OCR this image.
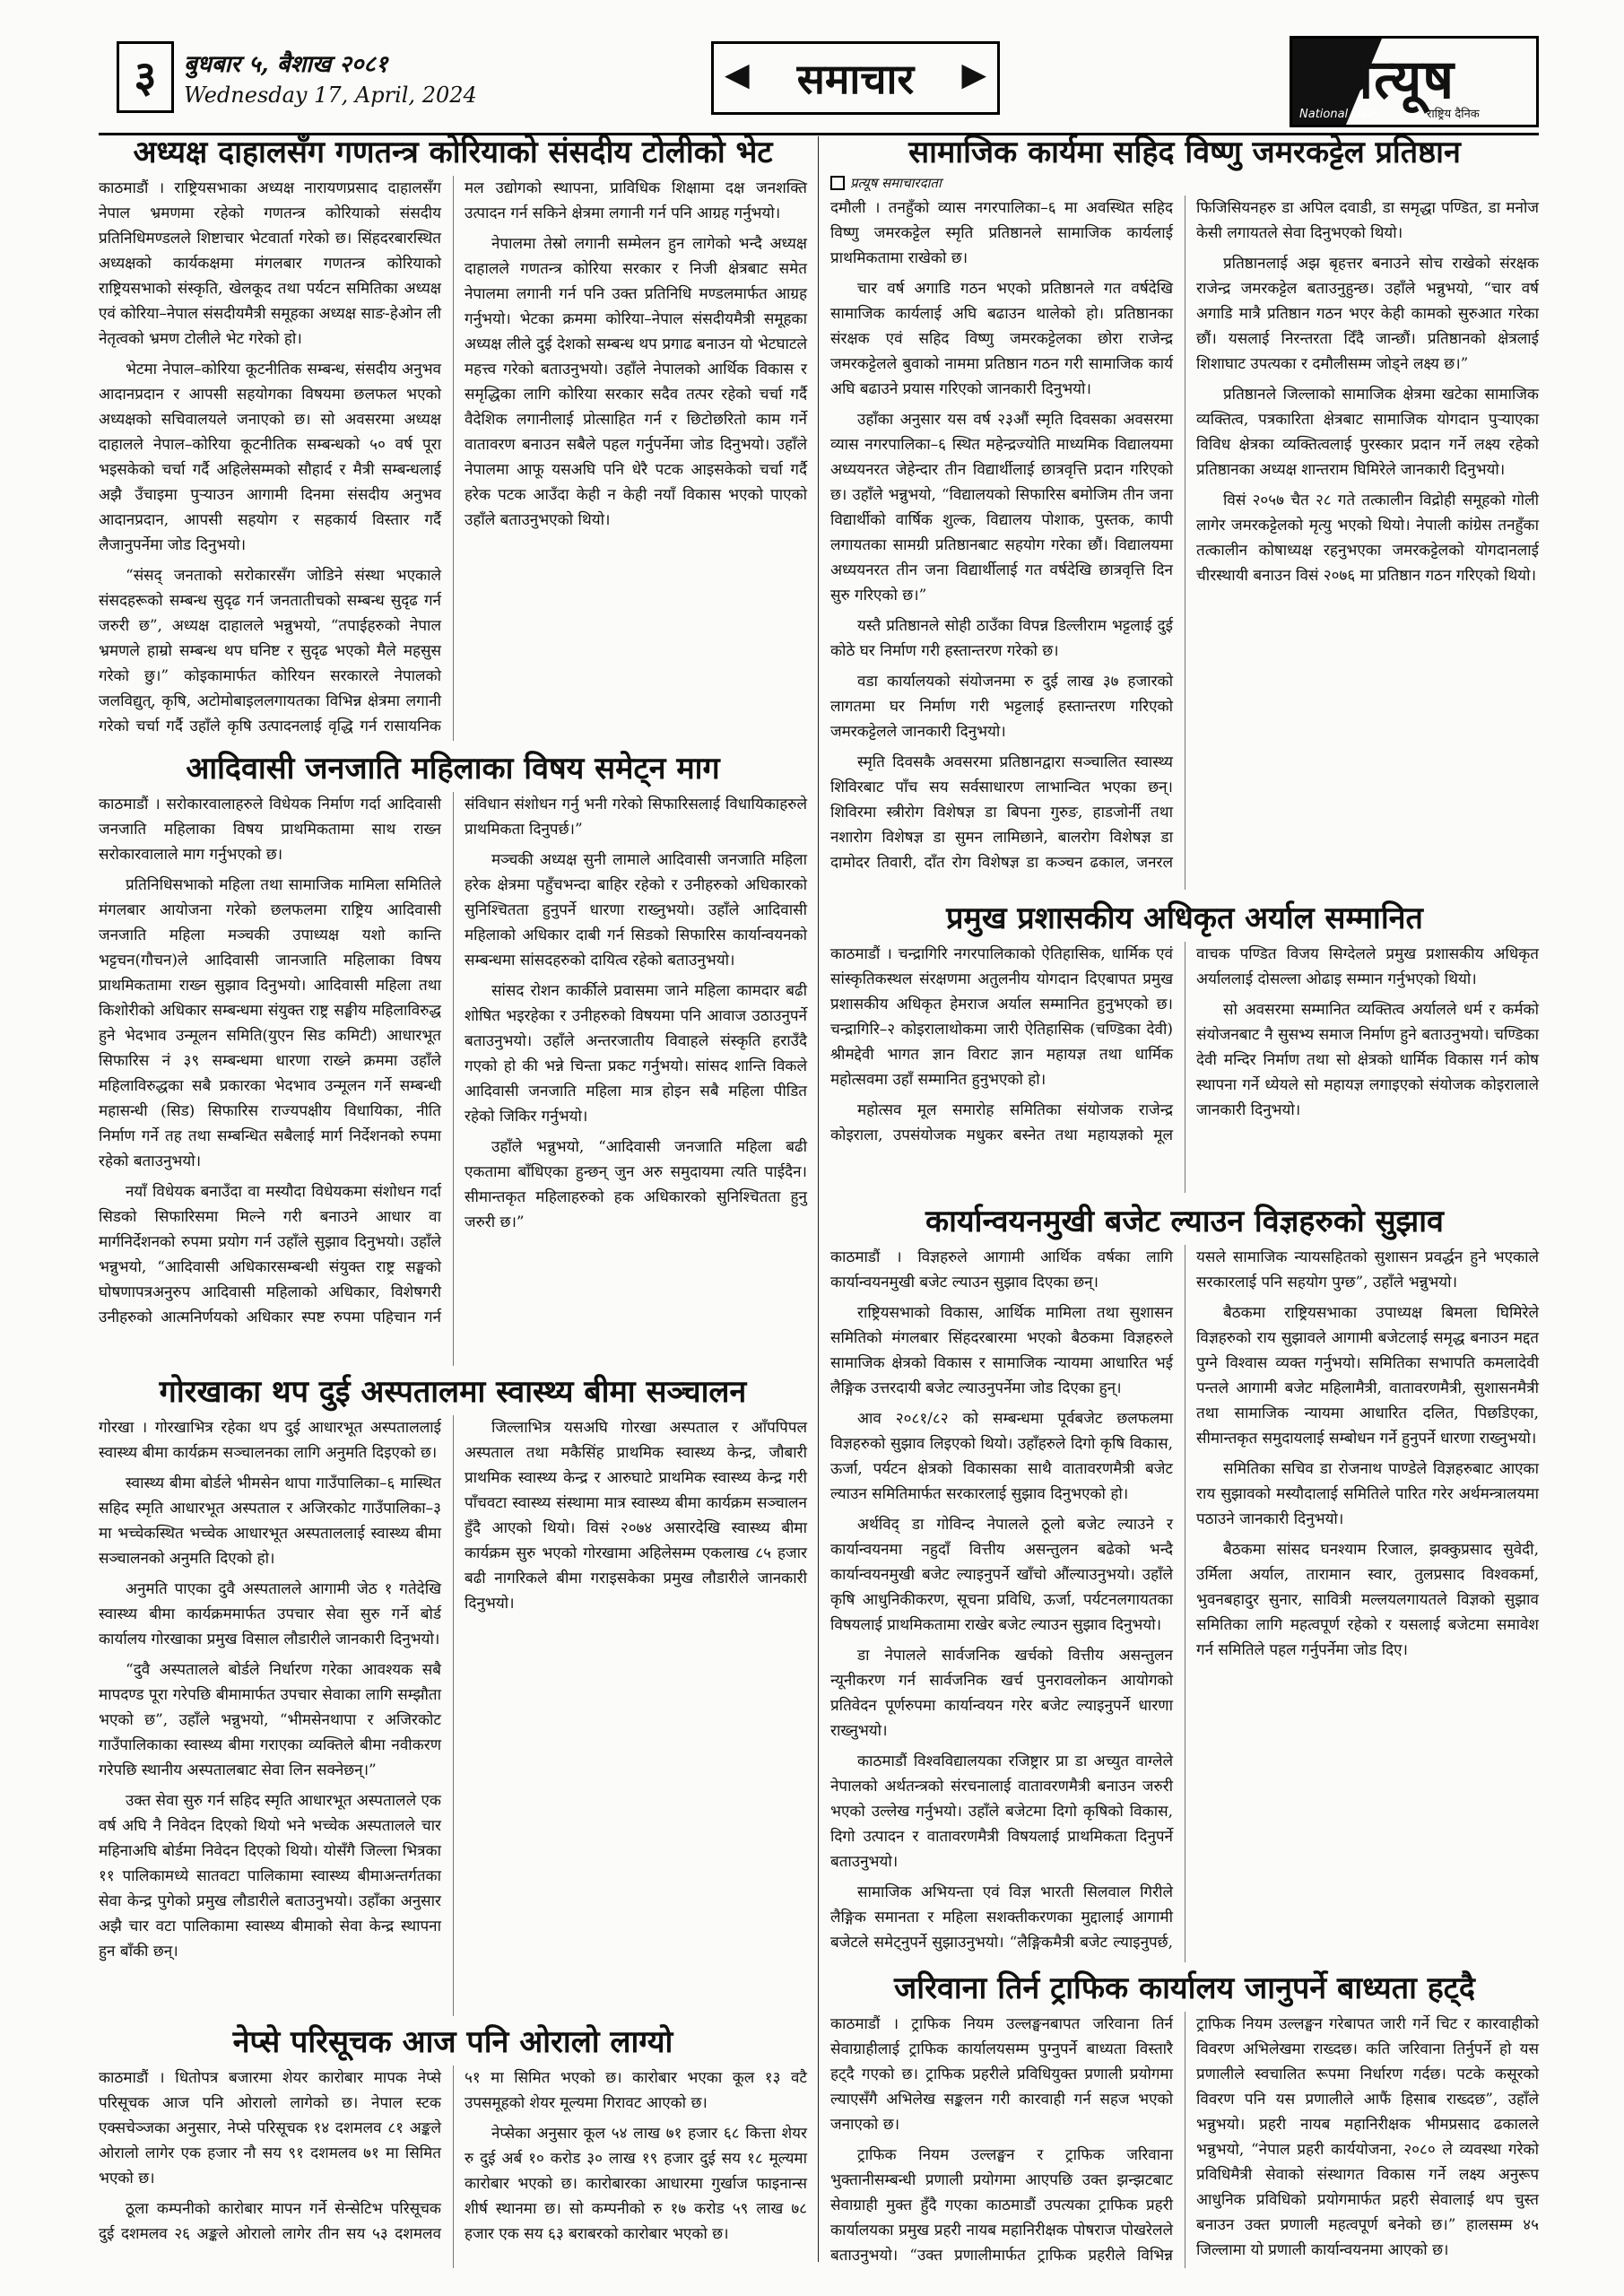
३	बुधबार ५, बैशाख २०८१
Wednesday 17, April, 2024
◀ समाचार ▶	प्रत्यूष
National Daily	राष्ट्रिय दैनिक
अध्यक्ष दाहालसँग गणतन्त्र कोरियाको संसदीय टोलीको भेट

काठमाडौं । राष्ट्रियसभाका अध्यक्ष नारायणप्रसाद दाहालसँग नेपाल भ्रमणमा रहेको गणतन्त्र कोरियाको संसदीय प्रतिनिधिमण्डलले शिष्टाचार भेटवार्ता गरेको छ। सिंहदरबारस्थित अध्यक्षको कार्यकक्षमा मंगलबार गणतन्त्र कोरियाको राष्ट्रियसभाको संस्कृति, खेलकूद तथा पर्यटन समितिका अध्यक्ष एवं कोरिया–नेपाल संसदीयमैत्री समूहका अध्यक्ष साङ-हेओन ली नेतृत्वको भ्रमण टोलीले भेट गरेको हो।

भेटमा नेपाल–कोरिया कूटनीतिक सम्बन्ध, संसदीय अनुभव आदानप्रदान र आपसी सहयोगका विषयमा छलफल भएको अध्यक्षको सचिवालयले जनाएको छ। सो अवसरमा अध्यक्ष दाहालले नेपाल–कोरिया कूटनीतिक सम्बन्धको ५० वर्ष पूरा भइसकेको चर्चा गर्दै अहिलेसम्मको सौहार्द र मैत्री सम्बन्धलाई अझै उँचाइमा पुऱ्याउन आगामी दिनमा संसदीय अनुभव आदानप्रदान, आपसी सहयोग र सहकार्य विस्तार गर्दै लैजानुपर्नेमा जोड दिनुभयो।

“संसद् जनताको सरोकारसँग जोडिने संस्था भएकाले संसदहरूको सम्बन्ध सुदृढ गर्न जनतातीचको सम्बन्ध सुदृढ गर्न जरुरी छ”, अध्यक्ष दाहालले भन्नुभयो, “तपाईहरुको नेपाल भ्रमणले हाम्रो सम्बन्ध थप घनिष्ट र सुदृढ भएको मैले महसुस गरेको छु।” कोइकामार्फत कोरियन सरकारले नेपालको जलविद्युत्, कृषि, अटोमोबाइललगायतका विभिन्न क्षेत्रमा लगानी गरेको चर्चा गर्दै उहाँले कृषि उत्पादनलाई वृद्धि गर्न रासायनिक मल उद्योगको स्थापना, प्राविधिक शिक्षामा दक्ष जनशक्ति उत्पादन गर्न सकिने क्षेत्रमा लगानी गर्न पनि आग्रह गर्नुभयो।

नेपालमा तेस्रो लगानी सम्मेलन हुन लागेको भन्दै अध्यक्ष दाहालले गणतन्त्र कोरिया सरकार र निजी क्षेत्रबाट समेत नेपालमा लगानी गर्न पनि उक्त प्रतिनिधि मण्डलमार्फत आग्रह गर्नुभयो। भेटका क्रममा कोरिया–नेपाल संसदीयमैत्री समूहका अध्यक्ष लीले दुई देशको सम्बन्ध थप प्रगाढ बनाउन यो भेटघाटले महत्त्व गरेको बताउनुभयो। उहाँले नेपालको आर्थिक विकास र समृद्धिका लागि कोरिया सरकार सदैव तत्पर रहेको चर्चा गर्दै वैदेशिक लगानीलाई प्रोत्साहित गर्न र छिटोछरितो काम गर्ने वातावरण बनाउन सबैले पहल गर्नुपर्नेमा जोड दिनुभयो। उहाँले नेपालमा आफू यसअघि पनि धेरै पटक आइसकेको चर्चा गर्दै हरेक पटक आउँदा केही न केही नयाँ विकास भएको पाएको उहाँले बताउनुभएको थियो।

आदिवासी जनजाति महिलाका विषय समेट्न माग

काठमाडौं । सरोकारवालाहरुले विधेयक निर्माण गर्दा आदिवासी जनजाति महिलाका विषय प्राथमिकतामा साथ राख्न सरोकारवालाले माग गर्नुभएको छ।

प्रतिनिधिसभाको महिला तथा सामाजिक मामिला समितिले मंगलबार आयोजना गरेको छलफलमा राष्ट्रिय आदिवासी जनजाति महिला मञ्चकी उपाध्यक्ष यशो कान्ति भट्टचन(गौचन)ले आदिवासी जानजाति महिलाका विषय प्राथमिकतामा राख्न सुझाव दिनुभयो। आदिवासी महिला तथा किशोरीको अधिकार सम्बन्धमा संयुक्त राष्ट्र सङ्घीय महिलाविरुद्ध हुने भेदभाव उन्मूलन समिति(युएन सिड कमिटी) आधारभूत सिफारिस नं ३९ सम्बन्धमा धारणा राख्ने क्रममा उहाँले महिलाविरुद्धका सबै प्रकारका भेदभाव उन्मूलन गर्ने सम्बन्धी महासन्धी (सिड) सिफारिस राज्यपक्षीय विधायिका, नीति निर्माण गर्ने तह तथा सम्बन्धित सबैलाई मार्ग निर्देशनको रुपमा रहेको बताउनुभयो।

नयाँ विधेयक बनाउँदा वा मस्यौदा विधेयकमा संशोधन गर्दा सिडको सिफारिसमा मिल्ने गरी बनाउने आधार वा मार्गनिर्देशनको रुपमा प्रयोग गर्न उहाँले सुझाव दिनुभयो। उहाँले भन्नुभयो, “आदिवासी अधिकारसम्बन्धी संयुक्त राष्ट्र सङ्घको घोषणापत्रअनुरुप आदिवासी महिलाको अधिकार, विशेषगरी उनीहरुको आत्मनिर्णयको अधिकार स्पष्ट रुपमा पहिचान गर्न संविधान संशोधन गर्नु भनी गरेको सिफारिसलाई विधायिकाहरुले प्राथमिकता दिनुपर्छ।”

मञ्चकी अध्यक्ष सुनी लामाले आदिवासी जनजाति महिला हरेक क्षेत्रमा पहुँचभन्दा बाहिर रहेको र उनीहरुको अधिकारको सुनिश्चितता हुनुपर्ने धारणा राख्नुभयो। उहाँले आदिवासी महिलाको अधिकार दाबी गर्न सिडको सिफारिस कार्यान्वयनको सम्बन्धमा सांसदहरुको दायित्व रहेको बताउनुभयो।

सांसद रोशन कार्कीले प्रवासमा जाने महिला कामदार बढी शोषित भइरहेका र उनीहरुको विषयमा पनि आवाज उठाउनुपर्ने बताउनुभयो। उहाँले अन्तरजातीय विवाहले संस्कृति हराउँदै गएको हो की भन्ने चिन्ता प्रकट गर्नुभयो। सांसद शान्ति विकले आदिवासी जनजाति महिला मात्र होइन सबै महिला पीडित रहेको जिकिर गर्नुभयो।

उहाँले भन्नुभयो, “आदिवासी जनजाति महिला बढी एकतामा बाँधिएका हुन्छन् जुन अरु समुदायमा त्यति पाईदैन। सीमान्तकृत महिलाहरुको हक अधिकारको सुनिश्चितता हुनु जरुरी छ।”

गोरखाका थप दुई अस्पतालमा स्वास्थ्य बीमा सञ्चालन

गोरखा । गोरखाभित्र रहेका थप दुई आधारभूत अस्पताललाई स्वास्थ्य बीमा कार्यक्रम सञ्चालनका लागि अनुमति दिइएको छ।

स्वास्थ्य बीमा बोर्डले भीमसेन थापा गाउँपालिका–६ मास्थित सहिद स्मृति आधारभूत अस्पताल र अजिरकोट गाउँपालिका–३ मा भच्चेकस्थित भच्चेक आधारभूत अस्पताललाई स्वास्थ्य बीमा सञ्चालनको अनुमति दिएको हो।

अनुमति पाएका दुवै अस्पतालले आगामी जेठ १ गतेदेखि स्वास्थ्य बीमा कार्यक्रममार्फत उपचार सेवा सुरु गर्ने बोर्ड कार्यालय गोरखाका प्रमुख विसाल लौडारीले जानकारी दिनुभयो।

“दुवै अस्पतालले बोर्डले निर्धारण गरेका आवश्यक सबै मापदण्ड पूरा गरेपछि बीमामार्फत उपचार सेवाका लागि सम्झौता भएको छ”, उहाँले भन्नुभयो, “भीमसेनथापा र अजिरकोट गाउँपालिकाका स्वास्थ्य बीमा गराएका व्यक्तिले बीमा नवीकरण गरेपछि स्थानीय अस्पतालबाट सेवा लिन सक्नेछन्।”

उक्त सेवा सुरु गर्न सहिद स्मृति आधारभूत अस्पतालले एक वर्ष अघि नै निवेदन दिएको थियो भने भच्चेक अस्पतालले चार महिनाअघि बोर्डमा निवेदन दिएको थियो। योसँगै जिल्ला भित्रका ११ पालिकामध्ये सातवटा पालिकामा स्वास्थ्य बीमाअन्तर्गतका सेवा केन्द्र पुगेको प्रमुख लौडारीले बताउनुभयो। उहाँका अनुसार अझै चार वटा पालिकामा स्वास्थ्य बीमाको सेवा केन्द्र स्थापना हुन बाँकी छन्।

जिल्लाभित्र यसअघि गोरखा अस्पताल र आँपपिपल अस्पताल तथा मकैसिंह प्राथमिक स्वास्थ्य केन्द्र, जौबारी प्राथमिक स्वास्थ्य केन्द्र र आरुघाटे प्राथमिक स्वास्थ्य केन्द्र गरी पाँचवटा स्वास्थ्य संस्थामा मात्र स्वास्थ्य बीमा कार्यक्रम सञ्चालन हुँदै आएको थियो। विसं २०७४ असारदेखि स्वास्थ्य बीमा कार्यक्रम सुरु भएको गोरखामा अहिलेसम्म एकलाख ८५ हजार बढी नागरिकले बीमा गराइसकेका प्रमुख लौडारीले जानकारी दिनुभयो।

नेप्से परिसूचक आज पनि ओरालो लाग्यो

काठमाडौं । धितोपत्र बजारमा शेयर कारोबार मापक नेप्से परिसूचक आज पनि ओरालो लागेको छ। नेपाल स्टक एक्सचेञ्जका अनुसार, नेप्से परिसूचक १४ दशमलव ८१ अङ्कले ओरालो लागेर एक हजार नौ सय ९१ दशमलव ७१ मा सिमित भएको छ।

ठूला कम्पनीको कारोबार मापन गर्ने सेन्सेटिभ परिसूचक दुई दशमलव २६ अङ्कले ओरालो लागेर तीन सय ५३ दशमलव ५१ मा सिमित भएको छ। कारोबार भएका कूल १३ वटै उपसमूहको शेयर मूल्यमा गिरावट आएको छ।

नेप्सेका अनुसार कूल ५४ लाख ७१ हजार ६८ कित्ता शेयर रु दुई अर्ब १० करोड ३० लाख १९ हजार दुई सय १८ मूल्यमा कारोबार भएको छ। कारोबारका आधारमा गुर्खाज फाइनान्स शीर्ष स्थानमा छ। सो कम्पनीको रु १७ करोड ५९ लाख ७८ हजार एक सय ६३ बराबरको कारोबार भएको छ।

सामाजिक कार्यमा सहिद विष्णु जमरकट्टेल प्रतिष्ठान
प्रत्यूष समाचारदाता

दमौली । तनहुँको व्यास नगरपालिका–६ मा अवस्थित सहिद विष्णु जमरकट्टेल स्मृति प्रतिष्ठानले सामाजिक कार्यलाई प्राथमिकतामा राखेको छ।

चार वर्ष अगाडि गठन भएको प्रतिष्ठानले गत वर्षदेखि सामाजिक कार्यलाई अघि बढाउन थालेको हो। प्रतिष्ठानका संरक्षक एवं सहिद विष्णु जमरकट्टेलका छोरा राजेन्द्र जमरकट्टेलले बुवाको नाममा प्रतिष्ठान गठन गरी सामाजिक कार्य अघि बढाउने प्रयास गरिएको जानकारी दिनुभयो।

उहाँका अनुसार यस वर्ष २३औं स्मृति दिवसका अवसरमा व्यास नगरपालिका–६ स्थित महेन्द्रज्योति माध्यमिक विद्यालयमा अध्ययनरत जेहेन्दार तीन विद्यार्थीलाई छात्रवृत्ति प्रदान गरिएको छ। उहाँले भन्नुभयो, “विद्यालयको सिफारिस बमोजिम तीन जना विद्यार्थीको वार्षिक शुल्क, विद्यालय पोशाक, पुस्तक, कापी लगायतका सामग्री प्रतिष्ठानबाट सहयोग गरेका छौं। विद्यालयमा अध्ययनरत तीन जना विद्यार्थीलाई गत वर्षदेखि छात्रवृत्ति दिन सुरु गरिएको छ।”

यस्तै प्रतिष्ठानले सोही ठाउँका विपन्न डिल्लीराम भट्टलाई दुई कोठे घर निर्माण गरी हस्तान्तरण गरेको छ।

वडा कार्यालयको संयोजनमा रु दुई लाख ३७ हजारको लागतमा घर निर्माण गरी भट्टलाई हस्तान्तरण गरिएको जमरकट्टेलले जानकारी दिनुभयो।

स्मृति दिवसकै अवसरमा प्रतिष्ठानद्वारा सञ्चालित स्वास्थ्य शिविरबाट पाँच सय सर्वसाधारण लाभान्वित भएका छन्। शिविरमा स्त्रीरोग विशेषज्ञ डा बिपना गुरुङ, हाडजोर्नी तथा नशारोग विशेषज्ञ डा सुमन लामिछाने, बालरोग विशेषज्ञ डा दामोदर तिवारी, दाँत रोग विशेषज्ञ डा कञ्चन ढकाल, जनरल फिजिसियनहरु डा अपिल दवाडी, डा समृद्धा पण्डित, डा मनोज केसी लगायतले सेवा दिनुभएको थियो।

प्रतिष्ठानलाई अझ बृहत्तर बनाउने सोच राखेको संरक्षक राजेन्द्र जमरकट्टेल बताउनुहुन्छ। उहाँले भन्नुभयो, “चार वर्ष अगाडि मात्रै प्रतिष्ठान गठन भएर केही कामको सुरुआत गरेका छौं। यसलाई निरन्तरता दिँदै जान्छौं। प्रतिष्ठानको क्षेत्रलाई शिशाघाट उपत्यका र दमौलीसम्म जोड्ने लक्ष्य छ।”

प्रतिष्ठानले जिल्लाको सामाजिक क्षेत्रमा खटेका सामाजिक व्यक्तित्व, पत्रकारिता क्षेत्रबाट सामाजिक योगदान पुऱ्याएका विविध क्षेत्रका व्यक्तित्वलाई पुरस्कार प्रदान गर्ने लक्ष्य रहेको प्रतिष्ठानका अध्यक्ष शान्तराम घिमिरेले जानकारी दिनुभयो।

विसं २०५७ चैत २८ गते तत्कालीन विद्रोही समूहको गोली लागेर जमरकट्टेलको मृत्यु भएको थियो। नेपाली कांग्रेस तनहुँका तत्कालीन कोषाध्यक्ष रहनुभएका जमरकट्टेलको योगदानलाई चीरस्थायी बनाउन विसं २०७६ मा प्रतिष्ठान गठन गरिएको थियो।

प्रमुख प्रशासकीय अधिकृत अर्याल सम्मानित

काठमाडौं । चन्द्रागिरि नगरपालिकाको ऐतिहासिक, धार्मिक एवं सांस्कृतिकस्थल संरक्षणमा अतुलनीय योगदान दिएबापत प्रमुख प्रशासकीय अधिकृत हेमराज अर्याल सम्मानित हुनुभएको छ। चन्द्रागिरि–२ कोइरालाथोकमा जारी ऐतिहासिक (चण्डिका देवी) श्रीमद्देवी भागत ज्ञान विराट ज्ञान महायज्ञ तथा धार्मिक महोत्सवमा उहाँ सम्मानित हुनुभएको हो।

महोत्सव मूल समारोह समितिका संयोजक राजेन्द्र कोइराला, उपसंयोजक मधुकर बस्नेत तथा महायज्ञको मूल वाचक पण्डित विजय सिग्देलले प्रमुख प्रशासकीय अधिकृत अर्याललाई दोसल्ला ओढाइ सम्मान गर्नुभएको थियो।

सो अवसरमा सम्मानित व्यक्तित्व अर्यालले धर्म र कर्मको संयोजनबाट नै सुसभ्य समाज निर्माण हुने बताउनुभयो। चण्डिका देवी मन्दिर निर्माण तथा सो क्षेत्रको धार्मिक विकास गर्न कोष स्थापना गर्ने ध्येयले सो महायज्ञ लगाइएको संयोजक कोइरालाले जानकारी दिनुभयो।

कार्यान्वयनमुखी बजेट ल्याउन विज्ञहरुको सुझाव

काठमाडौं । विज्ञहरुले आगामी आर्थिक वर्षका लागि कार्यान्वयनमुखी बजेट ल्याउन सुझाव दिएका छन्।

राष्ट्रियसभाको विकास, आर्थिक मामिला तथा सुशासन समितिको मंगलबार सिंहदरबारमा भएको बैठकमा विज्ञहरुले सामाजिक क्षेत्रको विकास र सामाजिक न्यायमा आधारित भई लैङ्गिक उत्तरदायी बजेट ल्याउनुपर्नेमा जोड दिएका हुन्।

आव २०८१/८२ को सम्बन्धमा पूर्वबजेट छलफलमा विज्ञहरुको सुझाव लिइएको थियो। उहाँहरुले दिगो कृषि विकास, ऊर्जा, पर्यटन क्षेत्रको विकासका साथै वातावरणमैत्री बजेट ल्याउन समितिमार्फत सरकारलाई सुझाव दिनुभएको हो।

अर्थविद् डा गोविन्द नेपालले ठूलो बजेट ल्याउने र कार्यान्वयनमा नहुदाँ वित्तीय असन्तुलन बढेको भन्दै कार्यान्वयनमुखी बजेट ल्याइनुपर्ने खाँचो औंल्याउनुभयो। उहाँले कृषि आधुनिकीकरण, सूचना प्रविधि, ऊर्जा, पर्यटनलगायतका विषयलाई प्राथमिकतामा राखेर बजेट ल्याउन सुझाव दिनुभयो।

डा नेपालले सार्वजनिक खर्चको वित्तीय असन्तुलन न्यूनीकरण गर्न सार्वजनिक खर्च पुनरावलोकन आयोगको प्रतिवेदन पूर्णरुपमा कार्यान्वयन गरेर बजेट ल्याइनुपर्ने धारणा राख्नुभयो।

काठमाडौं विश्वविद्यालयका रजिष्ट्रार प्रा डा अच्युत वाग्लेले नेपालको अर्थतन्त्रको संरचनालाई वातावरणमैत्री बनाउन जरुरी भएको उल्लेख गर्नुभयो। उहाँले बजेटमा दिगो कृषिको विकास, दिगो उत्पादन र वातावरणमैत्री विषयलाई प्राथमिकता दिनुपर्ने बताउनुभयो।

सामाजिक अभियन्ता एवं विज्ञ भारती सिलवाल गिरीले लैङ्गिक समानता र महिला सशक्तीकरणका मुद्दालाई आगामी बजेटले समेट्नुपर्ने सुझाउनुभयो। “लैङ्गिकमैत्री बजेट ल्याइनुपर्छ, यसले सामाजिक न्यायसहितको सुशासन प्रवर्द्धन हुने भएकाले सरकारलाई पनि सहयोग पुग्छ”, उहाँले भन्नुभयो।

बैठकमा राष्ट्रियसभाका उपाध्यक्ष बिमला घिमिरेले विज्ञहरुको राय सुझावले आगामी बजेटलाई समृद्ध बनाउन मद्दत पुग्ने विश्वास व्यक्त गर्नुभयो। समितिका सभापति कमलादेवी पन्तले आगामी बजेट महिलामैत्री, वातावरणमैत्री, सुशासनमैत्री तथा सामाजिक न्यायमा आधारित दलित, पिछडिएका, सीमान्तकृत समुदायलाई सम्बोधन गर्ने हुनुपर्ने धारणा राख्नुभयो।

समितिका सचिव डा रोजनाथ पाण्डेले विज्ञहरुबाट आएका राय सुझावको मस्यौदालाई समितिले पारित गरेर अर्थमन्त्रालयमा पठाउने जानकारी दिनुभयो।

बैठकमा सांसद घनश्याम रिजाल, झक्कुप्रसाद सुवेदी, उर्मिला अर्याल, तारामान स्वार, तुलप्रसाद विश्वकर्मा, भुवनबहादुर सुनार, सावित्री मल्लयलगायतले विज्ञको सुझाव समितिका लागि महत्वपूर्ण रहेको र यसलाई बजेटमा समावेश गर्न समितिले पहल गर्नुपर्नेमा जोड दिए।

जरिवाना तिर्न ट्राफिक कार्यालय जानुपर्ने बाध्यता हट्दै

काठमाडौं । ट्राफिक नियम उल्लङ्घनबापत जरिवाना तिर्न सेवाग्राहीलाई ट्राफिक कार्यालयसम्म पुग्नुपर्ने बाध्यता विस्तारै हट्दै गएको छ। ट्राफिक प्रहरीले प्रविधियुक्त प्रणाली प्रयोगमा ल्याएसँगै अभिलेख सङ्कलन गरी कारवाही गर्न सहज भएको जनाएको छ।

ट्राफिक नियम उल्लङ्घन र ट्राफिक जरिवाना भुक्तानीसम्बन्धी प्रणाली प्रयोगमा आएपछि उक्त झन्झटबाट सेवाग्राही मुक्त हुँदै गएका काठमाडौं उपत्यका ट्राफिक प्रहरी कार्यालयका प्रमुख प्रहरी नायब महानिरीक्षक पोषराज पोखरेलले बताउनुभयो। “उक्त प्रणालीमार्फत ट्राफिक प्रहरीले विभिन्न ट्राफिक नियम उल्लङ्घन गरेबापत जारी गर्ने चिट र कारवाहीको विवरण अभिलेखमा राख्दछ। कति जरिवाना तिर्नुपर्ने हो यस प्रणालीले स्वचालित रूपमा निर्धारण गर्दछ। पटके कसूरको विवरण पनि यस प्रणालीले आफैं हिसाब राख्दछ”, उहाँले भन्नुभयो। प्रहरी नायब महानिरीक्षक भीमप्रसाद ढकालले भन्नुभयो, “नेपाल प्रहरी कार्ययोजना, २०८० ले व्यवस्था गरेको प्रविधिमैत्री सेवाको संस्थागत विकास गर्ने लक्ष्य अनुरूप आधुनिक प्रविधिको प्रयोगमार्फत प्रहरी सेवालाई थप चुस्त बनाउन उक्त प्रणाली महत्वपूर्ण बनेको छ।” हालसम्म ४५ जिल्लामा यो प्रणाली कार्यान्वयनमा आएको छ।
